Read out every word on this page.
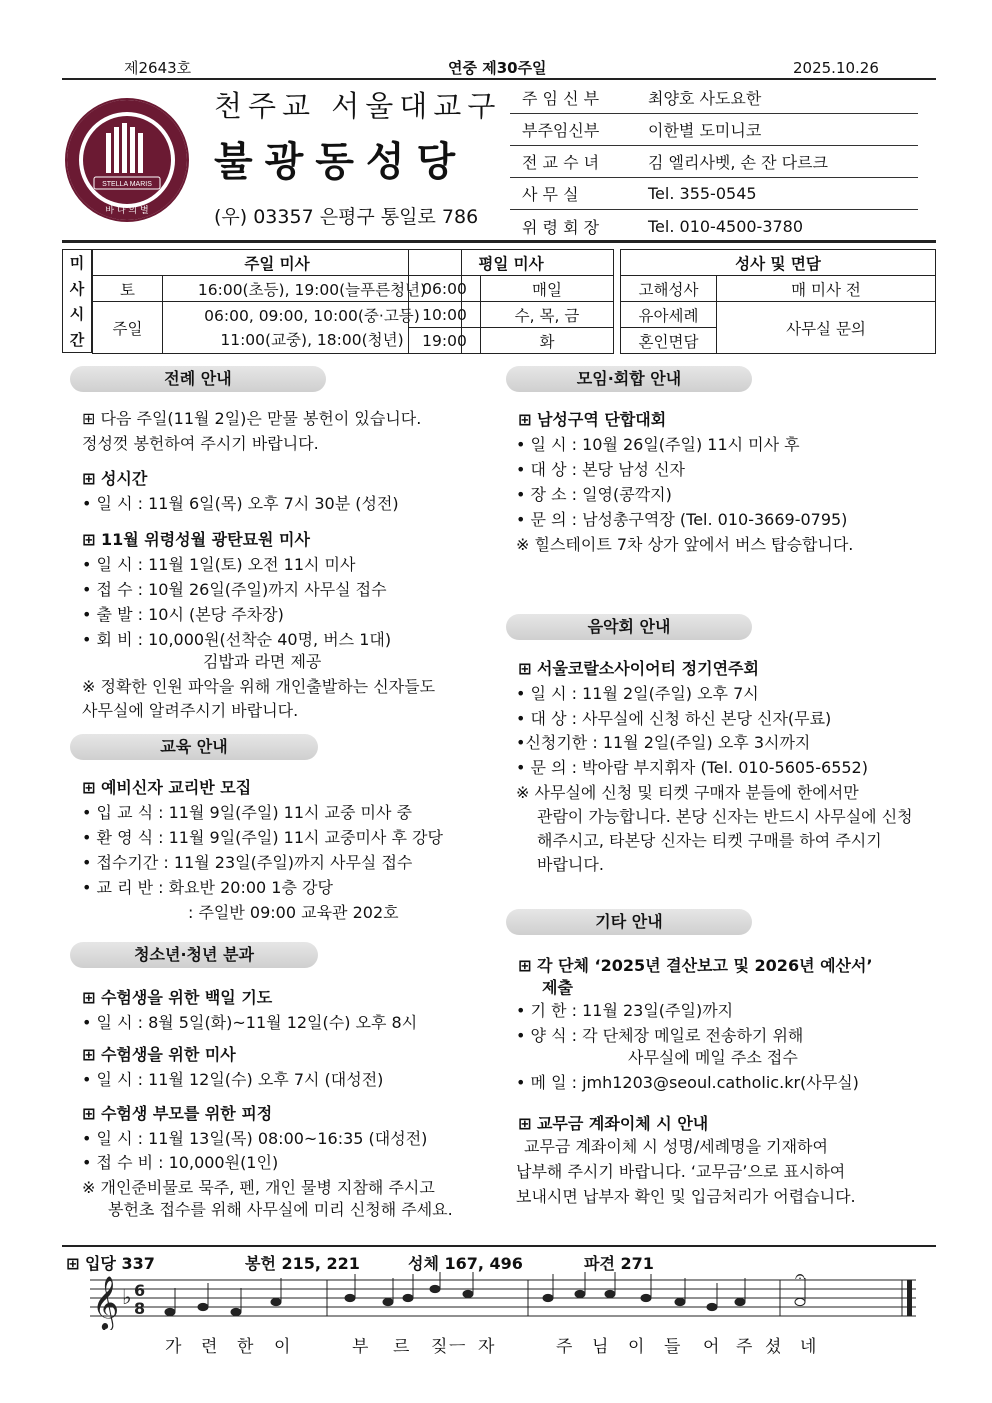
제2643호	연중 제30주일	2025.10.26
STELLA MARIS
바 다 의 별
천주교 서울대교구
불광동성당
(우) 03357 은평구 통일로 786
주 임 신 부	최양호 사도요한
부주임신부	이한별 도미니코
전 교 수 녀	김 엘리사벳, 손 잔 다르크
사 무 실	Tel. 355-0545
위 령 회 장	Tel. 010-4500-3780
미
사
시
간
주일 미사	
토	16:00(초등), 19:00(늘푸른청년)
주일	06:00, 09:00, 10:00(중·고등)
11:00(교중), 18:00(청년)
평일 미사	
06:00	매일
10:00	수, 목, 금
19:00	화
성사 및 면담	
고해성사	매 미사 전
유아세례	사무실 문의
혼인면담	
전례 안내
⊞ 다음 주일(11월 2일)은 맏물 봉헌이 있습니다.
정성껏 봉헌하여 주시기 바랍니다.
⊞ 성시간
• 일 시 : 11월 6일(목) 오후 7시 30분 (성전)
⊞ 11월 위령성월 광탄묘원 미사
• 일 시 : 11월 1일(토) 오전 11시 미사
• 접 수 : 10월 26일(주일)까지 사무실 접수
• 출 발 : 10시 (본당 주차장)
• 회 비 : 10,000원(선착순 40명, 버스 1대)
김밥과 라면 제공
※ 정확한 인원 파악을 위해 개인출발하는 신자들도
사무실에 알려주시기 바랍니다.
교육 안내
⊞ 예비신자 교리반 모집
• 입 교 식 : 11월 9일(주일) 11시 교중 미사 중
• 환 영 식 : 11월 9일(주일) 11시 교중미사 후 강당
• 접수기간 : 11월 23일(주일)까지 사무실 접수
• 교 리 반 : 화요반 20:00 1층 강당
: 주일반 09:00 교육관 202호
청소년·청년 분과
⊞ 수험생을 위한 백일 기도
• 일 시 : 8월 5일(화)~11월 12일(수) 오후 8시
⊞ 수험생을 위한 미사
• 일 시 : 11월 12일(수) 오후 7시 (대성전)
⊞ 수험생 부모를 위한 피정
• 일 시 : 11월 13일(목) 08:00~16:35 (대성전)
• 접 수 비 : 10,000원(1인)
※ 개인준비물로 묵주, 펜, 개인 물병 지참해 주시고
봉헌초 접수를 위해 사무실에 미리 신청해 주세요.
모임·회합 안내
⊞ 남성구역 단합대회
• 일 시 : 10월 26일(주일) 11시 미사 후
• 대 상 : 본당 남성 신자
• 장 소 : 일영(콩깍지)
• 문 의 : 남성총구역장 (Tel. 010-3669-0795)
※ 힐스테이트 7차 상가 앞에서 버스 탑승합니다.
음악회 안내
⊞ 서울코랄소사이어티 정기연주회
• 일 시 : 11월 2일(주일) 오후 7시
• 대 상 : 사무실에 신청 하신 본당 신자(무료)
•신청기한 : 11월 2일(주일) 오후 3시까지
• 문 의 : 박아람 부지휘자 (Tel. 010-5605-6552)
※ 사무실에 신청 및 티켓 구매자 분들에 한에서만
관람이 가능합니다. 본당 신자는 반드시 사무실에 신청
해주시고, 타본당 신자는 티켓 구매를 하여 주시기
바랍니다.
기타 안내
⊞ 각 단체 ‘2025년 결산보고 및 2026년 예산서’
제출
• 기 한 : 11월 23일(주일)까지
• 양 식 : 각 단체장 메일로 전송하기 위해
사무실에 메일 주소 접수
• 메 일 : jmh1203@seoul.catholic.kr(사무실)
⊞ 교무금 계좌이체 시 안내
교무금 계좌이체 시 성명/세례명을 기재하여
납부해 주시기 바랍니다. ‘교무금’으로 표시하여
보내시면 납부자 확인 및 입금처리가 어렵습니다.
⊞ 입당 337	봉헌 215, 221	성체 167, 496	파견 271
𝄞 ♭ 6
8
𝄐
가 련 한 이	부 르 짖 ㅡ 자	주 님 이 들 어 주 셨 네
